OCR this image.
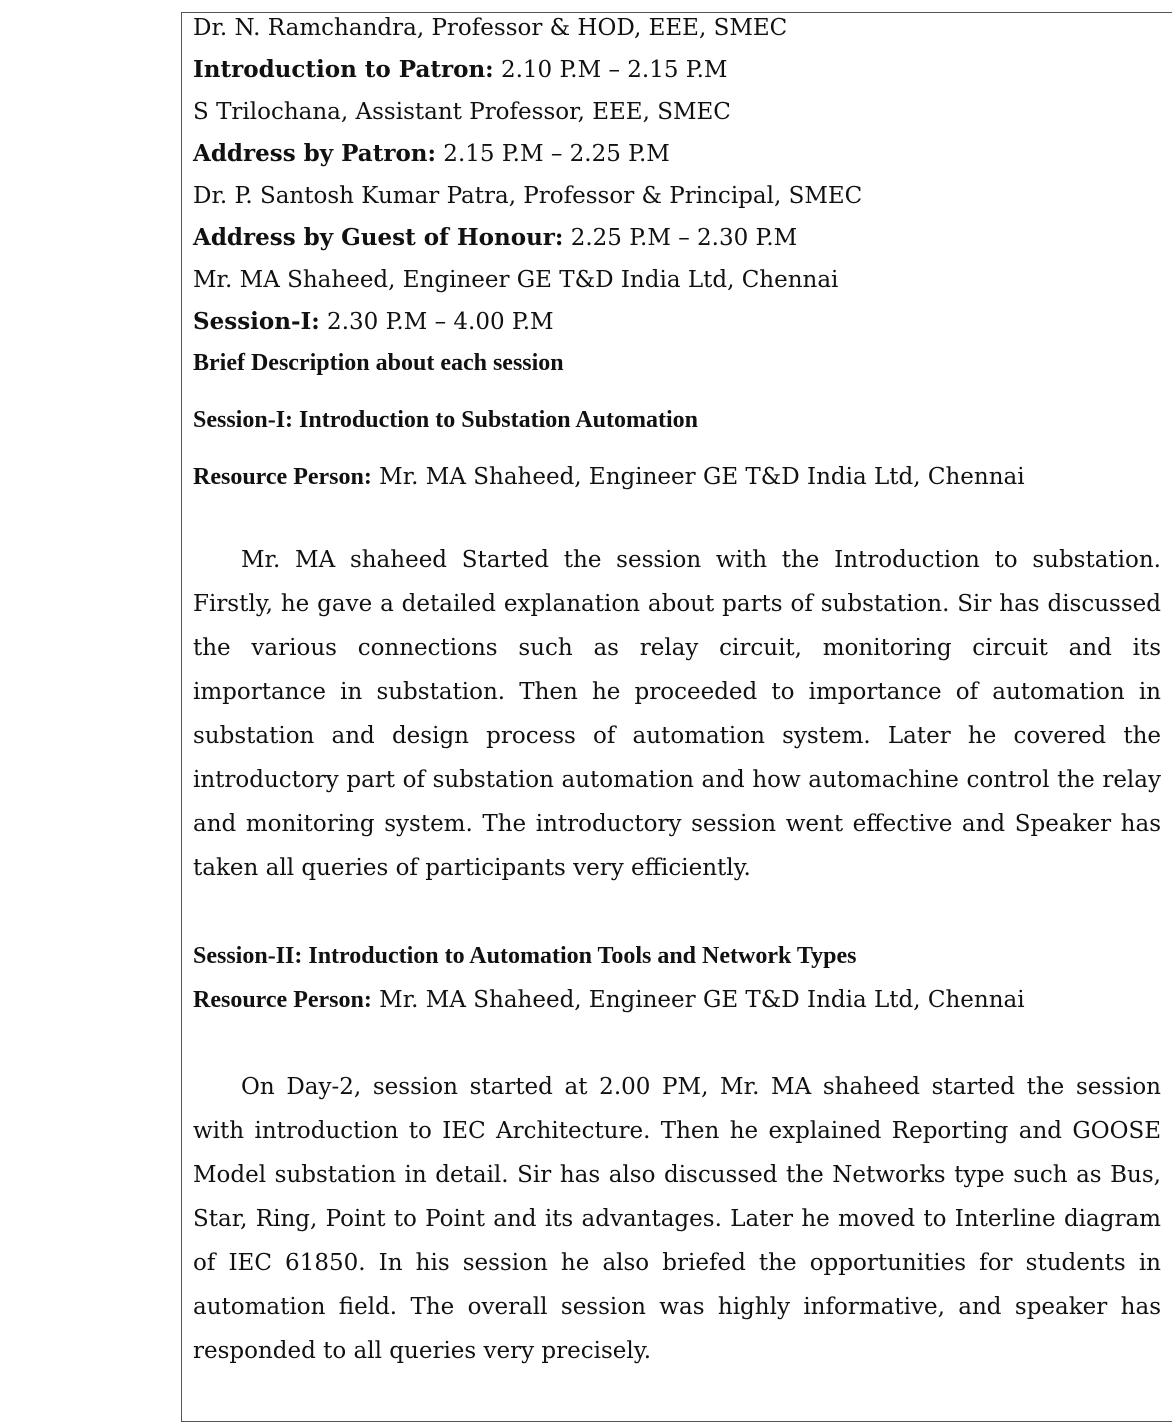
Dr. N. Ramchandra, Professor & HOD, EEE, SMEC
Introduction to Patron: 2.10 P.M – 2.15 P.M
S Trilochana, Assistant Professor, EEE, SMEC
Address by Patron: 2.15 P.M – 2.25 P.M
Dr. P. Santosh Kumar Patra, Professor & Principal, SMEC
Address by Guest of Honour: 2.25 P.M – 2.30 P.M
Mr. MA Shaheed, Engineer GE T&D India Ltd, Chennai
Session-I: 2.30 P.M – 4.00 P.M
Brief Description about each session
Session-I: Introduction to Substation Automation
Resource Person: Mr. MA Shaheed, Engineer GE T&D India Ltd, Chennai

Mr. MA shaheed Started the session with the Introduction to substation. Firstly, he gave a detailed explanation about parts of substation. Sir has discussed the various connections such as relay circuit, monitoring circuit and its importance in substation. Then he proceeded to importance of automation in substation and design process of automation system. Later he covered the introductory part of substation automation and how automachine control the relay and monitoring system. The introductory session went effective and Speaker has taken all queries of participants very efficiently.

Session-II: Introduction to Automation Tools and Network Types
Resource Person: Mr. MA Shaheed, Engineer GE T&D India Ltd, Chennai

On Day-2, session started at 2.00 PM, Mr. MA shaheed started the session with introduction to IEC Architecture. Then he explained Reporting and GOOSE Model substation in detail. Sir has also discussed the Networks type such as Bus, Star, Ring, Point to Point and its advantages. Later he moved to Interline diagram of IEC 61850. In his session he also briefed the opportunities for students in automation field. The overall session was highly informative, and speaker has responded to all queries very precisely.
